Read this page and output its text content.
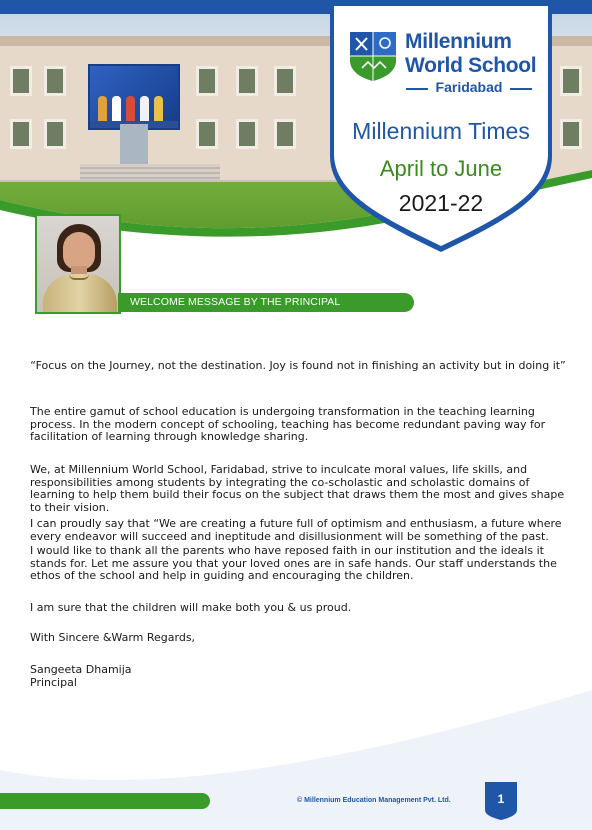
Millennium
World School
Faridabad
Millennium Times
April to June
2021-22
WELCOME MESSAGE BY THE PRINCIPAL
“Focus on the Journey, not the destination. Joy is found not in finishing an activity but in doing it”
The entire gamut of school education is undergoing transformation in the teaching learning process. In the modern concept of schooling, teaching has become redundant paving way for facilitation of learning through knowledge sharing.
We, at Millennium World School, Faridabad, strive to inculcate moral values, life skills, and responsibilities among students by integrating the co-scholastic and scholastic domains of learning to help them build their focus on the subject that draws them the most and gives shape to their vision.
I can proudly say that “We are creating a future full of optimism and enthusiasm, a future where every endeavor will succeed and ineptitude and disillusionment will be something of the past.
I would like to thank all the parents who have reposed faith in our institution and the ideals it stands for. Let me assure you that your loved ones are in safe hands. Our staff understands the ethos of the school and help in guiding and encouraging the children.
I am sure that the children will make both you & us proud.
With Sincere &Warm Regards,
Sangeeta Dhamija
Principal
© Millennium Education Management Pvt. Ltd.	1
